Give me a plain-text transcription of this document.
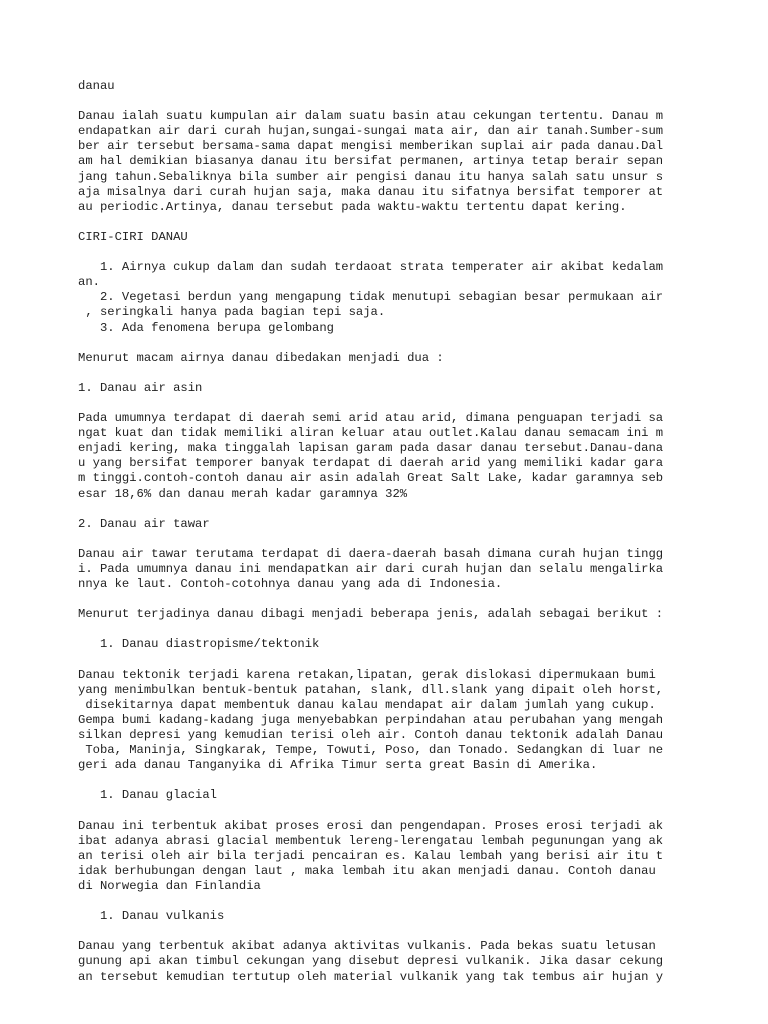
danau
Danau ialah suatu kumpulan air dalam suatu basin atau cekungan tertentu. Danau m
endapatkan air dari curah hujan,sungai-sungai mata air, dan air tanah.Sumber-sum
ber air tersebut bersama-sama dapat mengisi memberikan suplai air pada danau.Dal
am hal demikian biasanya danau itu bersifat permanen, artinya tetap berair sepan
jang tahun.Sebaliknya bila sumber air pengisi danau itu hanya salah satu unsur s
aja misalnya dari curah hujan saja, maka danau itu sifatnya bersifat temporer at
au periodic.Artinya, danau tersebut pada waktu-waktu tertentu dapat kering.
CIRI-CIRI DANAU
1. Airnya cukup dalam dan sudah terdaoat strata temperater air akibat kedalam
an.
2. Vegetasi berdun yang mengapung tidak menutupi sebagian besar permukaan air
, seringkali hanya pada bagian tepi saja.
3. Ada fenomena berupa gelombang
Menurut macam airnya danau dibedakan menjadi dua :
1. Danau air asin
Pada umumnya terdapat di daerah semi arid atau arid, dimana penguapan terjadi sa
ngat kuat dan tidak memiliki aliran keluar atau outlet.Kalau danau semacam ini m
enjadi kering, maka tinggalah lapisan garam pada dasar danau tersebut.Danau-dana
u yang bersifat temporer banyak terdapat di daerah arid yang memiliki kadar gara
m tinggi.contoh-contoh danau air asin adalah Great Salt Lake, kadar garamnya seb
esar 18,6% dan danau merah kadar garamnya 32%
2. Danau air tawar
Danau air tawar terutama terdapat di daera-daerah basah dimana curah hujan tingg
i. Pada umumnya danau ini mendapatkan air dari curah hujan dan selalu mengalirka
nnya ke laut. Contoh-cotohnya danau yang ada di Indonesia.
Menurut terjadinya danau dibagi menjadi beberapa jenis, adalah sebagai berikut :
1. Danau diastropisme/tektonik
Danau tektonik terjadi karena retakan,lipatan, gerak dislokasi dipermukaan bumi
yang menimbulkan bentuk-bentuk patahan, slank, dll.slank yang dipait oleh horst,
disekitarnya dapat membentuk danau kalau mendapat air dalam jumlah yang cukup.
Gempa bumi kadang-kadang juga menyebabkan perpindahan atau perubahan yang mengah
silkan depresi yang kemudian terisi oleh air. Contoh danau tektonik adalah Danau
Toba, Maninja, Singkarak, Tempe, Towuti, Poso, dan Tonado. Sedangkan di luar ne
geri ada danau Tanganyika di Afrika Timur serta great Basin di Amerika.
1. Danau glacial
Danau ini terbentuk akibat proses erosi dan pengendapan. Proses erosi terjadi ak
ibat adanya abrasi glacial membentuk lereng-lerengatau lembah pegunungan yang ak
an terisi oleh air bila terjadi pencairan es. Kalau lembah yang berisi air itu t
idak berhubungan dengan laut , maka lembah itu akan menjadi danau. Contoh danau
di Norwegia dan Finlandia
1. Danau vulkanis
Danau yang terbentuk akibat adanya aktivitas vulkanis. Pada bekas suatu letusan
gunung api akan timbul cekungan yang disebut depresi vulkanik. Jika dasar cekung
an tersebut kemudian tertutup oleh material vulkanik yang tak tembus air hujan y
